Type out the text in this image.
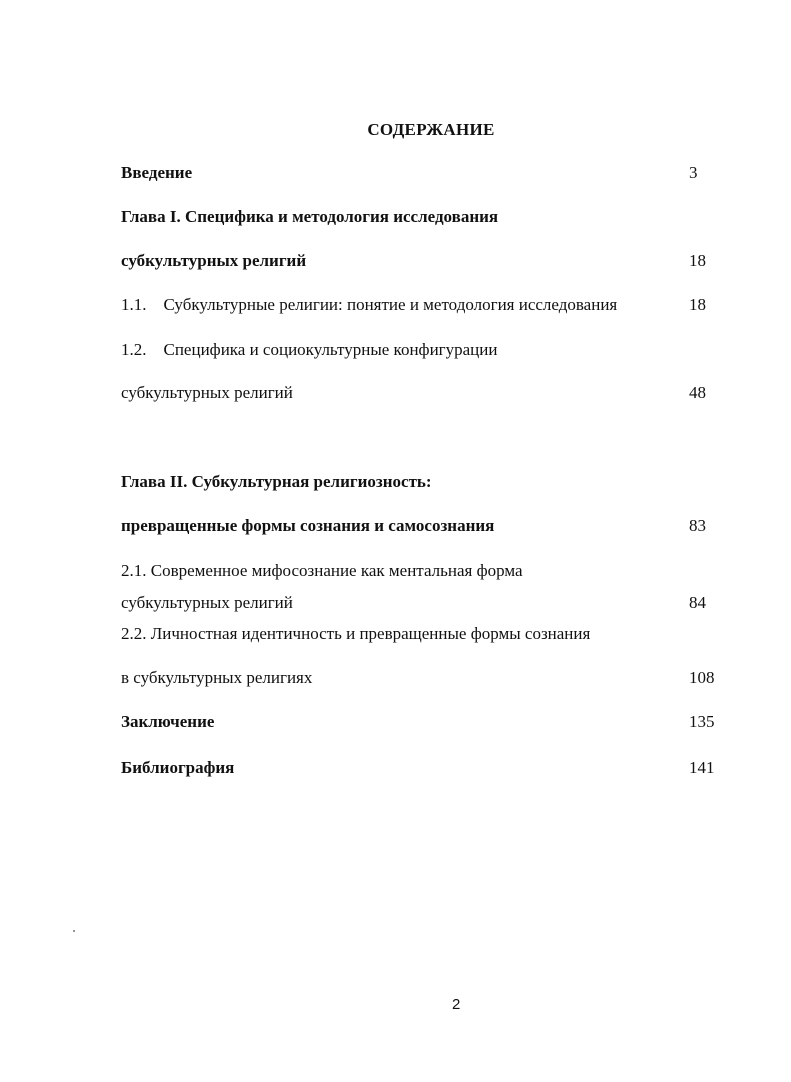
СОДЕРЖАНИЕ
Введение	3
Глава I. Специфика и методология исследования
субкультурных религий	18
1.1.    Субкультурные религии: понятие и методология исследования	18
1.2.    Специфика и социокультурные конфигурации
субкультурных религий	48
Глава II. Субкультурная религиозность:
превращенные формы сознания и самосознания	83
2.1. Современное мифосознание как ментальная форма
субкультурных религий	84
2.2. Личностная идентичность и превращенные формы сознания
в субкультурных религиях	108
Заключение	135
Библиография	141
2
